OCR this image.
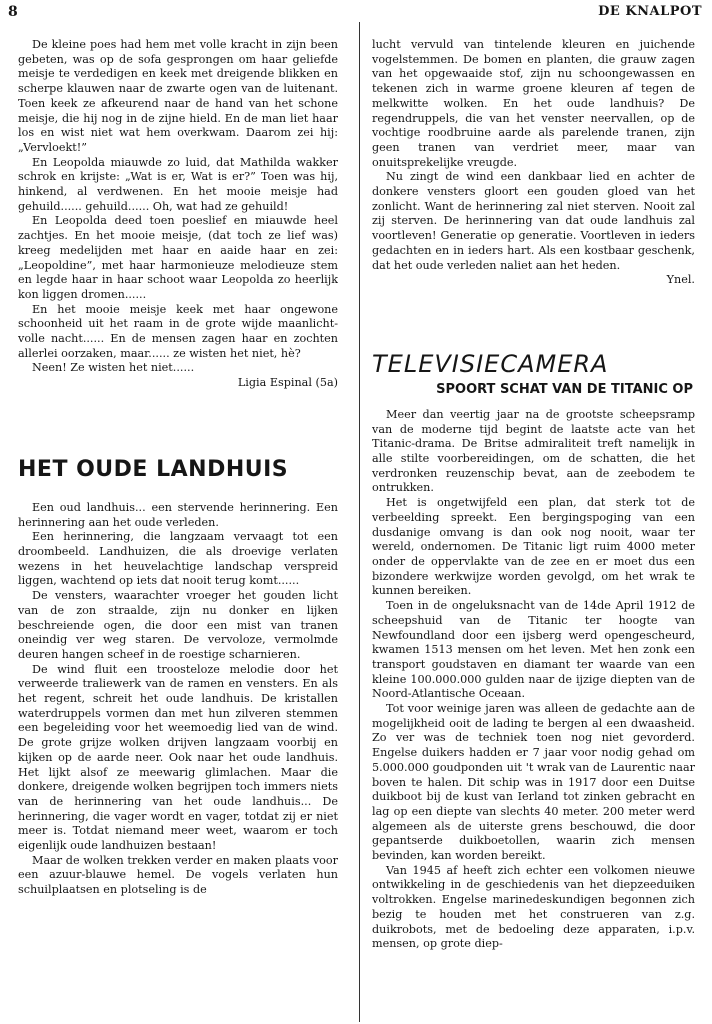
8	DE KNALPOT

De kleine poes had hem met volle kracht in zijn been gebeten, was op de sofa gesprongen om haar geliefde meisje te verdedigen en keek met dreigende blikken en scherpe klauwen naar de zwarte ogen van de luitenant. Toen keek ze afkeurend naar de hand van het schone meisje, die hij nog in de zijne hield. En de man liet haar los en wist niet wat hem overkwam. Daarom zei hij: „Vervloekt!”

En Leopolda miauwde zo luid, dat Mathilda wakker schrok en krijste: „Wat is er, Wat is er?” Toen was hij, hinkend, al verdwenen. En het mooie meisje had gehuild...... gehuild...... Oh, wat had ze gehuild!

En Leopolda deed toen poeslief en miauwde heel zachtjes. En het mooie meisje, (dat toch ze lief was) kreeg medelijden met haar en aaide haar en zei: „Leopoldine”, met haar harmonieuze melodieuze stem en legde haar in haar schoot waar Leopolda zo heerlijk kon liggen dromen......

En het mooie meisje keek met haar ongewone schoonheid uit het raam in de grote wijde maanlicht-volle nacht...... En de mensen zagen haar en zochten allerlei oorzaken, maar...... ze wisten het niet, hè?

Neen! Ze wisten het niet......

Ligia Espinal (5a)
HET OUDE LANDHUIS

Een oud landhuis... een stervende herinnering. Een herinnering aan het oude verleden.

Een herinnering, die langzaam vervaagt tot een droombeeld. Landhuizen, die als droevige verlaten wezens in het heuvelachtige landschap verspreid liggen, wachtend op iets dat nooit terug komt......

De vensters, waarachter vroeger het gouden licht van de zon straalde, zijn nu donker en lijken beschreiende ogen, die door een mist van tranen oneindig ver weg staren. De vervoloze, vermolmde deuren hangen scheef in de roestige scharnieren.

De wind fluit een troosteloze melodie door het verweerde traliewerk van de ramen en vensters. En als het regent, schreit het oude landhuis. De kristallen waterdruppels vormen dan met hun zilveren stemmen een begeleiding voor het weemoedig lied van de wind. De grote grijze wolken drijven langzaam voorbij en kijken op de aarde neer. Ook naar het oude landhuis. Het lijkt alsof ze meewarig glimlachen. Maar die donkere, dreigende wolken begrijpen toch immers niets van de herinnering van het oude landhuis... De herinnering, die vager wordt en vager, totdat zij er niet meer is. Totdat niemand meer weet, waarom er toch eigenlijk oude landhuizen bestaan!

Maar de wolken trekken verder en maken plaats voor een azuur-blauwe hemel. De vogels verlaten hun schuilplaatsen en plotseling is de

lucht vervuld van tintelende kleuren en juichende vogelstemmen. De bomen en planten, die grauw zagen van het opgewaaide stof, zijn nu schoongewassen en tekenen zich in warme groene kleuren af tegen de melkwitte wolken. En het oude landhuis? De regendruppels, die van het venster neervallen, op de vochtige roodbruine aarde als parelende tranen, zijn geen tranen van verdriet meer, maar van onuitsprekelijke vreugde.

Nu zingt de wind een dankbaar lied en achter de donkere vensters gloort een gouden gloed van het zonlicht. Want de herinnering zal niet sterven. Nooit zal zij sterven. De herinnering van dat oude landhuis zal voortleven! Generatie op generatie. Voortleven in ieders gedachten en in ieders hart. Als een kostbaar geschenk, dat het oude verleden naliet aan het heden.

Ynel.
TELEVISIECAMERA
SPOORT SCHAT VAN DE TITANIC OP

Meer dan veertig jaar na de grootste scheepsramp van de moderne tijd begint de laatste acte van het Titanic-drama. De Britse admiraliteit treft namelijk in alle stilte voorbereidingen, om de schatten, die het verdronken reuzenschip bevat, aan de zeebodem te ontrukken.

Het is ongetwijfeld een plan, dat sterk tot de verbeelding spreekt. Een bergingspoging van een dusdanige omvang is dan ook nog nooit, waar ter wereld, ondernomen. De Titanic ligt ruim 4000 meter onder de oppervlakte van de zee en er moet dus een bizondere werkwijze worden gevolgd, om het wrak te kunnen bereiken.

Toen in de ongeluksnacht van de 14de April 1912 de scheepshuid van de Titanic ter hoogte van Newfoundland door een ijsberg werd opengescheurd, kwamen 1513 mensen om het leven. Met hen zonk een transport goudstaven en diamant ter waarde van een kleine 100.000.000 gulden naar de ijzige diepten van de Noord-Atlantische Oceaan.

Tot voor weinige jaren was alleen de gedachte aan de mogelijkheid ooit de lading te bergen al een dwaasheid. Zo ver was de techniek toen nog niet gevorderd. Engelse duikers hadden er 7 jaar voor nodig gehad om 5.000.000 goudponden uit 't wrak van de Laurentic naar boven te halen. Dit schip was in 1917 door een Duitse duikboot bij de kust van Ierland tot zinken gebracht en lag op een diepte van slechts 40 meter. 200 meter werd algemeen als de uiterste grens beschouwd, die door gepantserde duikboetollen, waarin zich mensen bevinden, kan worden bereikt.

Van 1945 af heeft zich echter een volkomen nieuwe ontwikkeling in de geschiedenis van het diepzeeduiken voltrokken. Engelse marinedeskundigen begonnen zich bezig te houden met het construeren van z.g. duikrobots, met de bedoeling deze apparaten, i.p.v. mensen, op grote diep-
